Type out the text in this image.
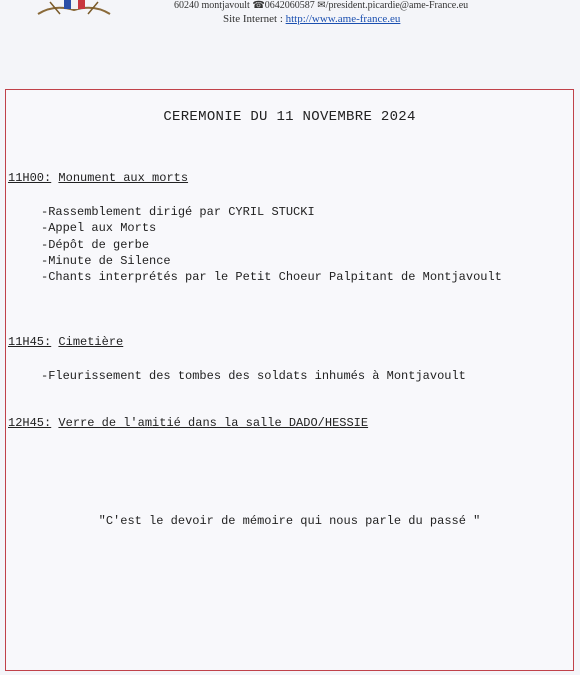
60240 montjavoult ☎0642060587 ✉/president.picardie@ame-France.eu
Site Internet : http://www.ame-france.eu
CEREMONIE DU 11 NOVEMBRE 2024
11H00: Monument aux morts
-Rassemblement dirigé par CYRIL STUCKI
-Appel aux Morts
-Dépôt de gerbe
-Minute de Silence
-Chants interprétés par le Petit Choeur Palpitant de Montjavoult
11H45: Cimetière
-Fleurissement des tombes des soldats inhumés à Montjavoult
12H45: Verre de l'amitié dans la salle DADO/HESSIE
"C'est le devoir de mémoire qui nous parle du passé "
